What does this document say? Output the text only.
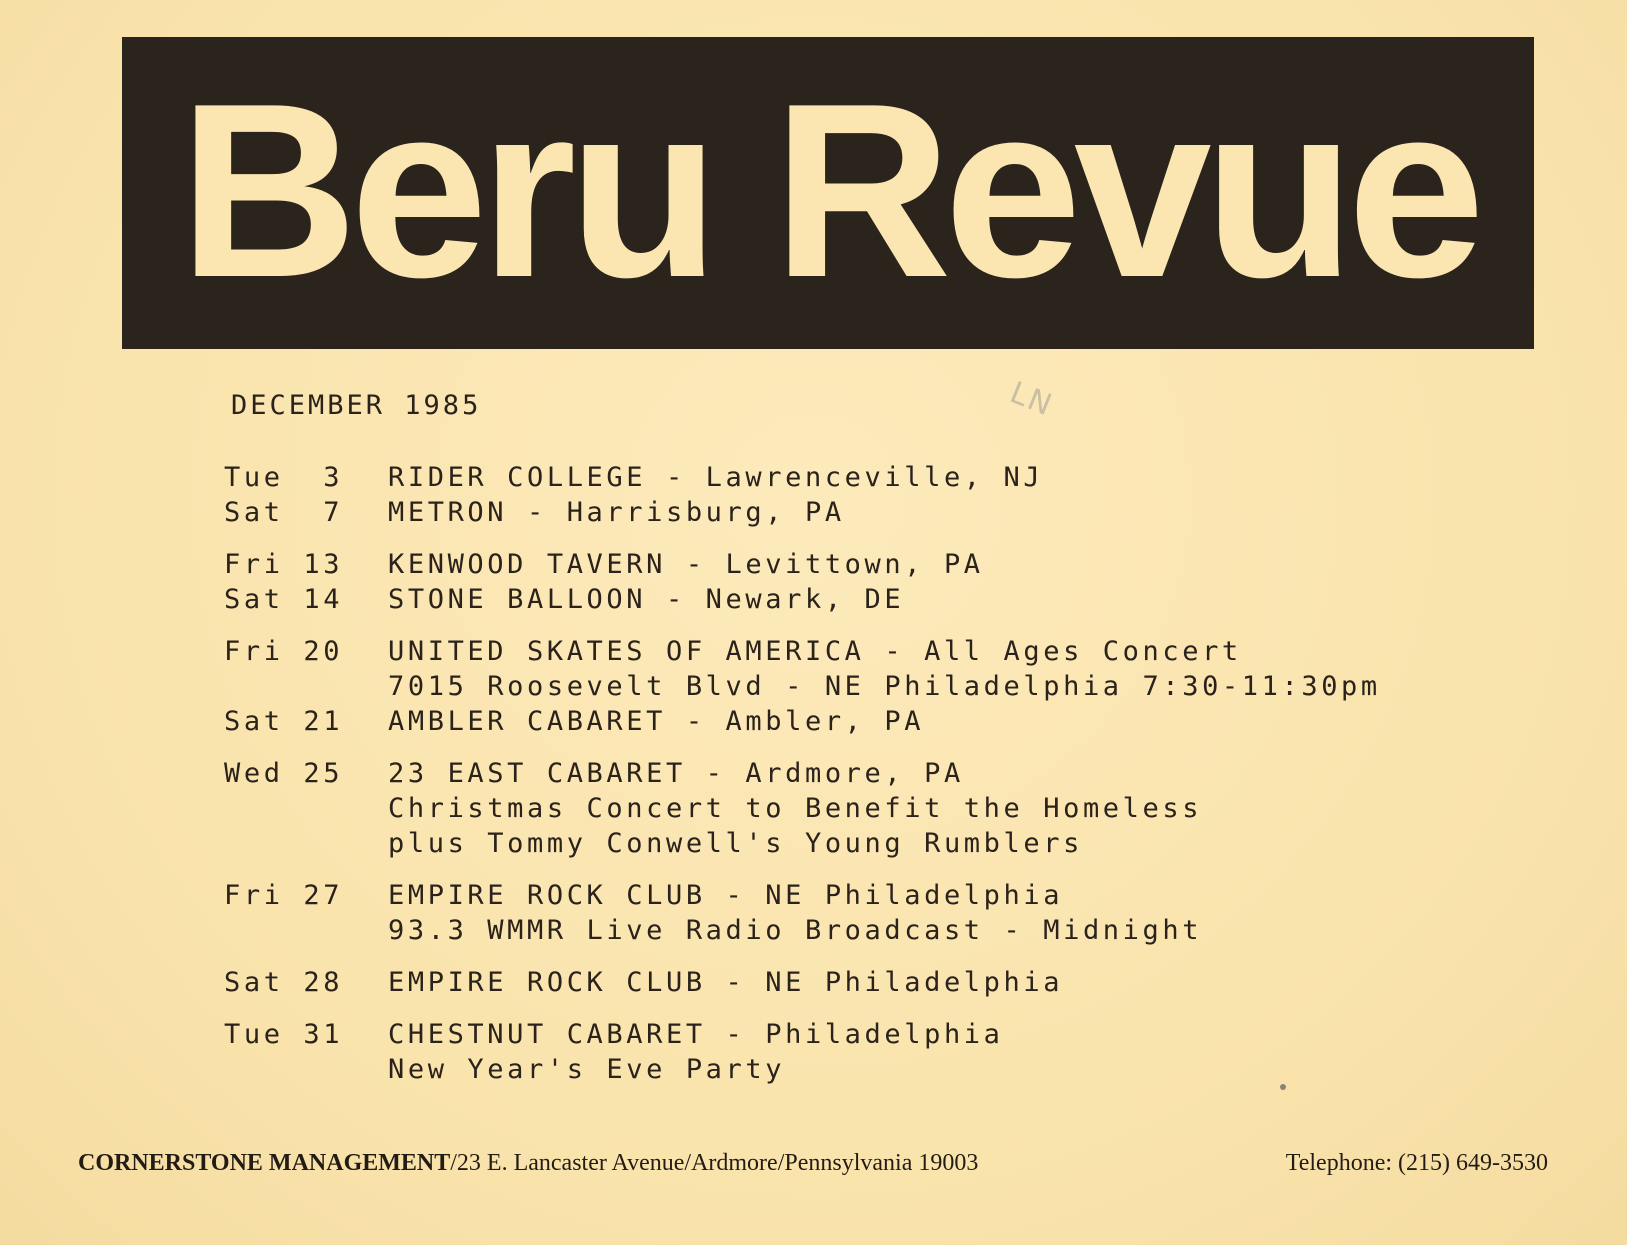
Beru Revue
LN
DECEMBER 1985
Tue  3	RIDER COLLEGE - Lawrenceville, NJ
Sat  7	METRON - Harrisburg, PA
Fri 13	KENWOOD TAVERN - Levittown, PA
Sat 14	STONE BALLOON - Newark, DE
Fri 20	UNITED SKATES OF AMERICA - All Ages Concert
7015 Roosevelt Blvd - NE Philadelphia 7:30-11:30pm
Sat 21	AMBLER CABARET - Ambler, PA
Wed 25	23 EAST CABARET - Ardmore, PA
Christmas Concert to Benefit the Homeless
plus Tommy Conwell's Young Rumblers
Fri 27	EMPIRE ROCK CLUB - NE Philadelphia
93.3 WMMR Live Radio Broadcast - Midnight
Sat 28	EMPIRE ROCK CLUB - NE Philadelphia
Tue 31	CHESTNUT CABARET - Philadelphia
New Year's Eve Party
CORNERSTONE MANAGEMENT/23 E. Lancaster Avenue/Ardmore/Pennsylvania 19003	Telephone: (215) 649-3530
